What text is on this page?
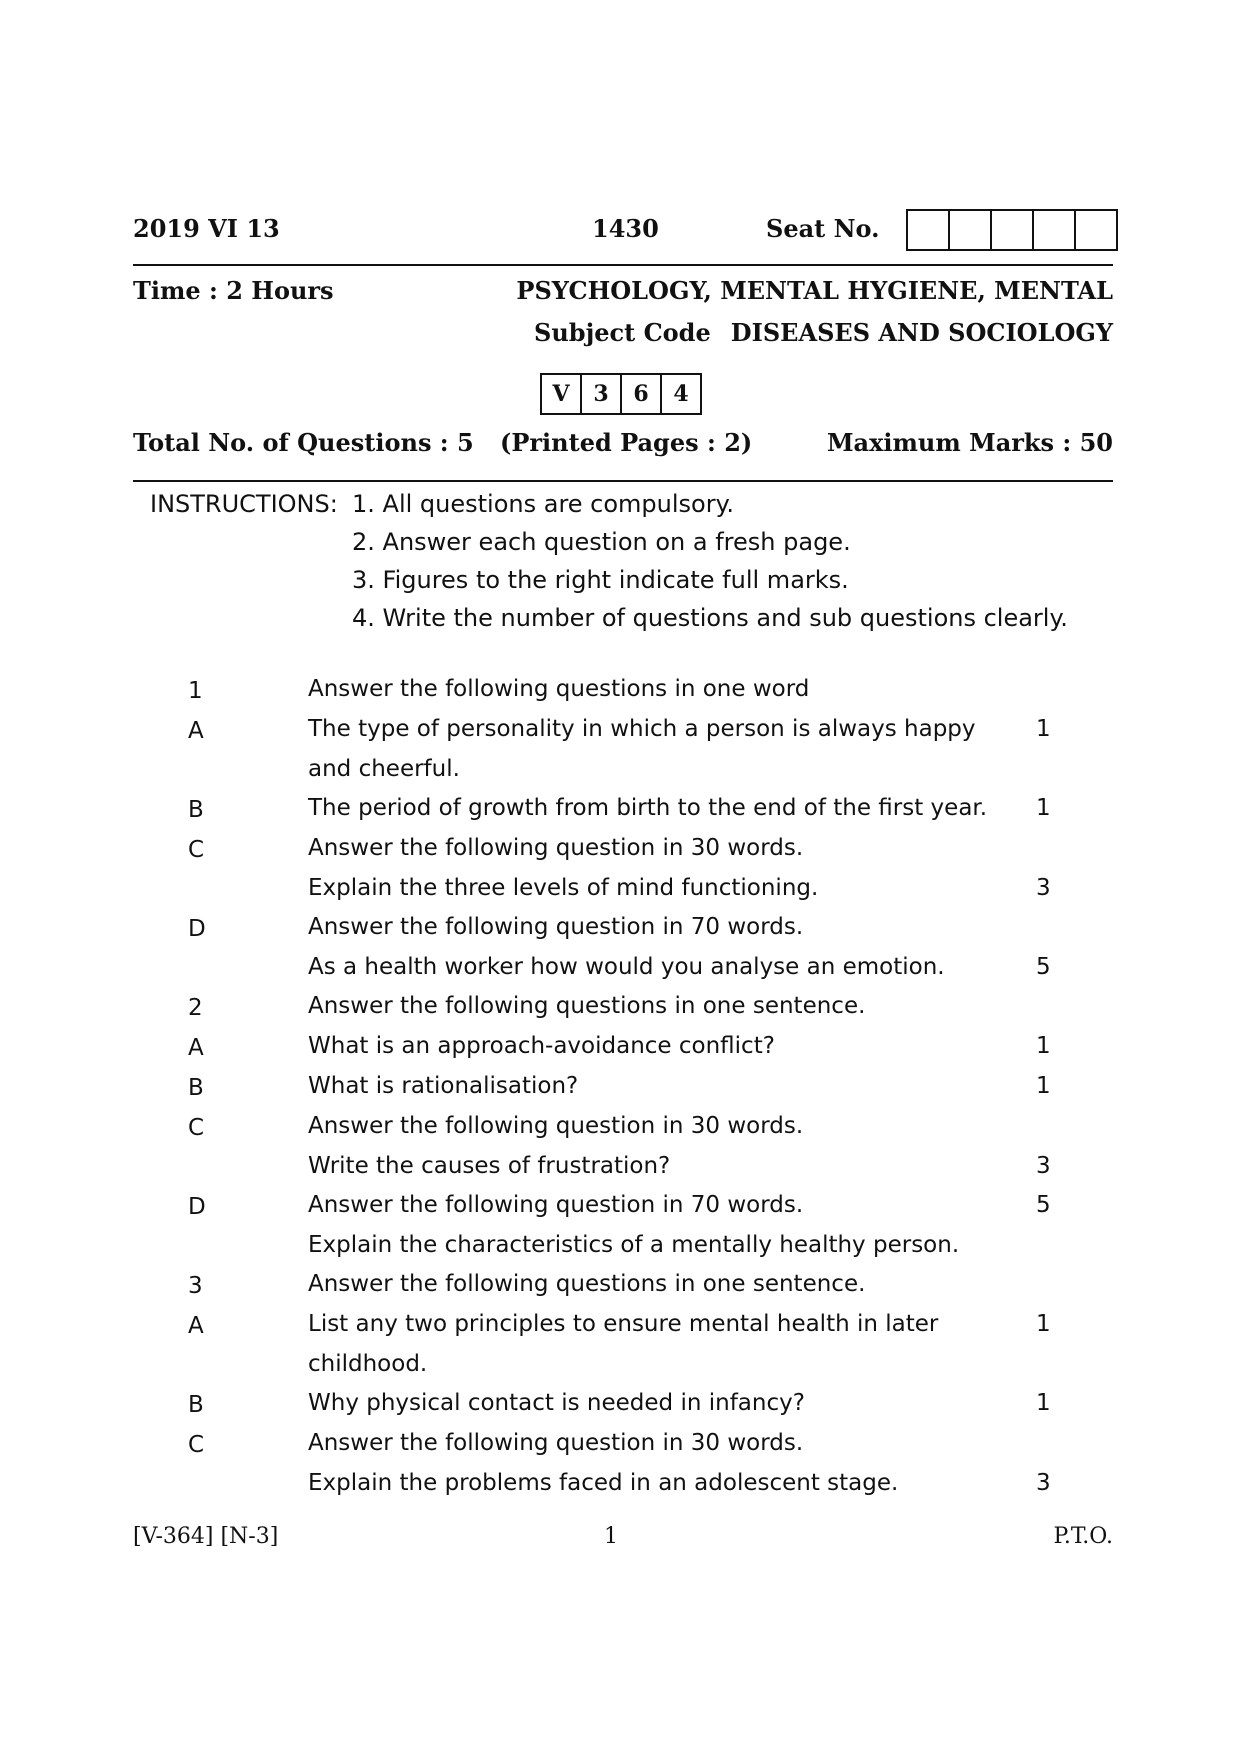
2019 VI 13	1430	Seat No.
Time : 2 Hours	PSYCHOLOGY, MENTAL HYGIENE, MENTAL
Subject Code DISEASES AND SOCIOLOGY
V	3	6	4
Total No. of Questions : 5 (Printed Pages : 2)	Maximum Marks : 50
INSTRUCTIONS: 1. All questions are compulsory.
2. Answer each question on a fresh page.
3. Figures to the right indicate full marks.
4. Write the number of questions and sub questions clearly.
1	Answer the following questions in one word
A	The type of personality in which a person is always happy	1
and cheerful.
B	The period of growth from birth to the end of the first year. 1
C	Answer the following question in 30 words.
Explain the three levels of mind functioning.	3
D	Answer the following question in 70 words.
As a health worker how would you analyse an emotion.	5
2	Answer the following questions in one sentence.
A	What is an approach-avoidance conflict?	1
B	What is rationalisation?	1
C	Answer the following question in 30 words.
Write the causes of frustration?	3
D	Answer the following question in 70 words.	5
Explain the characteristics of a mentally healthy person.
3	Answer the following questions in one sentence.
A	List any two principles to ensure mental health in later	1
childhood.
B	Why physical contact is needed in infancy?	1
C	Answer the following question in 30 words.
Explain the problems faced in an adolescent stage.	3
[V-364] [N-3]	1	P.T.O.
